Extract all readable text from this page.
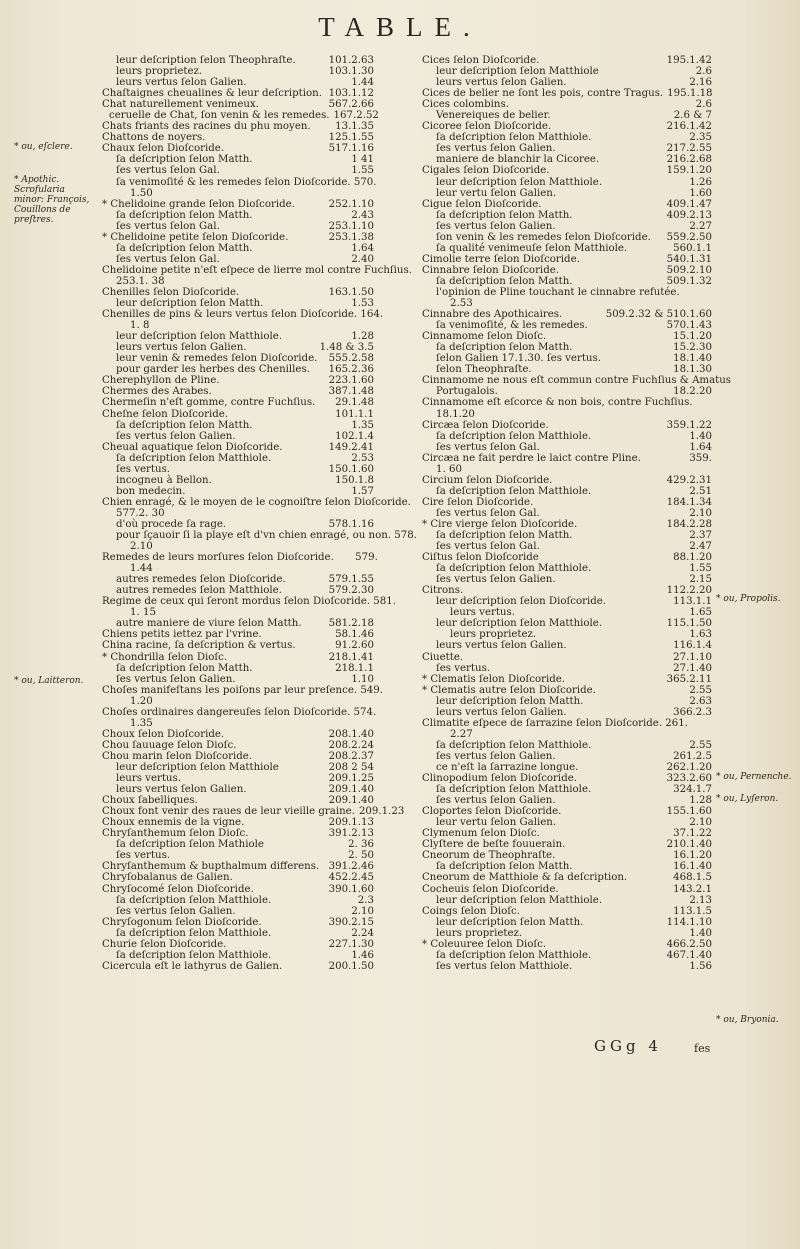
TABLE.
leur deſcription ſelon Theophraſte.	101.2.63
leurs proprietez.	103.1.30
leurs vertus ſelon Galien.	1.44
Chaſtaignes cheualines & leur deſcription. 103.1.12
Chat naturellement venimeux.	567.2.66
ceruelle de Chat, ſon venin & les remedes. 167.2.52
Chats friants des racines du phu moyen.	13.1.35
Chattons de noyers.	125.1.55
Chaux ſelon Dioſcoride.	517.1.16
ſa deſcription ſelon Matth.	1 41
ſes vertus ſelon Gal.	1.55
ſa venimoſité & les remedes ſelon Dioſcoride. 570.
1.50
* Chelidoine grande ſelon Dioſcoride.	252.1.10
ſa deſcription ſelon Matth.	2.43
ſes vertus ſelon Gal.	253.1.10
* Chelidoine petite ſelon Dioſcoride.	253.1.38
ſa deſcription ſelon Matth.	1.64
ſes vertus ſelon Gal.	2.40
Chelidoine petite n'eſt eſpece de lierre mol contre Fuchſius.
253.1. 38
Chenilles ſelon Dioſcoride.	163.1.50
leur deſcription ſelon Matth.	1.53
Chenilles de pins & leurs vertus ſelon Dioſcoride. 164.
1. 8
leur deſcription ſelon Matthiole.	1.28
leurs vertus ſelon Galien.	1.48 & 3.5
leur venin & remedes ſelon Dioſcoride.	555.2.58
pour garder les herbes des Chenilles.	165.2.36
Cherephyllon de Pline.	223.1.60
Chermes des Arabes.	387.1.48
Chermeſin n'eſt gomme, contre Fuchſius.	29.1.48
Cheſne ſelon Dioſcoride.	101.1.1
ſa deſcription ſelon Matth.	1.35
ſes vertus ſelon Galien.	102.1.4
Cheual aquatique ſelon Dioſcoride.	149.2.41
ſa deſcription ſelon Matthiole.	2.53
ſes vertus.	150.1.60
incogneu à Bellon.	150.1.8
bon medecin.	1.57
Chien enragé, & le moyen de le cognoiſtre ſelon Dioſcoride.
577.2. 30
d'où procede ſa rage.	578.1.16
pour ſçauoir ſi la playe eſt d'vn chien enragé, ou non. 578.
2.10
Remedes de leurs morſures ſelon Dioſcoride.	579.
1.44
autres remedes ſelon Dioſcoride.	579.1.55
autres remedes ſelon Matthiole.	579.2.30
Regime de ceux qui ſeront mordus ſelon Dioſcoride. 581.
1. 15
autre maniere de viure ſelon Matth.	581.2.18
Chiens petits iettez par l'vrine.	58.1.46
China racine, ſa deſcription & vertus.	91.2.60
* Chondrilla ſelon Dioſc.	218.1.41
ſa deſcription ſelon Matth.	218.1.1
ſes vertus ſelon Galien.	1.10
Choſes manifeſtans les poiſons par leur preſence. 549.
1.20
Choſes ordinaires dangereuſes ſelon Dioſcoride. 574.
1.35
Choux ſelon Dioſcoride.	208.1.40
Chou ſauuage ſelon Dioſc.	208.2.24
Chou marin ſelon Dioſcoride.	208.2.37
leur deſcription ſelon Matthiole	208 2 54
leurs vertus.	209.1.25
leurs vertus ſelon Galien.	209.1.40
Choux ſabelliques.	209.1.40
Choux font venir des raues de leur vieille graine. 209.1.23
Choux ennemis de la vigne.	209.1.13
Chryſanthemum ſelon Dioſc.	391.2.13
ſa deſcription ſelon Mathiole	2. 36
ſes vertus.	2. 50
Chryſanthemum & bupthalmum differens. 391.2.46
Chryſobalanus de Galien.	452.2.45
Chryſocomé ſelon Dioſcoride.	390.1.60
ſa deſcription ſelon Matthiole.	2.3
ſes vertus ſelon Galien.	2.10
Chryſogonum ſelon Dioſcoride.	390.2.15
ſa deſcription ſelon Matthiole.	2.24
Churie ſelon Dioſcoride.	227.1.30
ſa deſcription ſelon Matthiole.	1.46
Cicercula eſt le lathyrus de Galien.	200.1.50
Cices ſelon Dioſcoride.	195.1.42
leur deſcription ſelon Matthiole	2.6
leurs vertus ſelon Galien.	2.16
Cices de belier ne ſont les pois, contre Tragus. 195.1.18
Cices colombins.	2.6
Venereiques de belier.	2.6 & 7
Cicoree ſelon Dioſcoride.	216.1.42
ſa deſcription ſelon Matthiole.	2.35
ſes vertus ſelon Galien.	217.2.55
maniere de blanchir la Cicoree.	216.2.68
Cigales ſelon Dioſcoride.	159.1.20
leur deſcription ſelon Matthiole.	1.26
leur vertu ſelon Galien.	1.60
Cigue ſelon Dioſcoride.	409.1.47
ſa deſcription ſelon Matth.	409.2.13
ſes vertus ſelon Galien.	2.27
ſon venin & les remedes ſelon Dioſcoride.	559.2.50
ſa qualité venimeuſe ſelon Matthiole.	560.1.1
Cimolie terre ſelon Dioſcoride.	540.1.31
Cinnabre ſelon Dioſcoride.	509.2.10
ſa deſcription ſelon Matth.	509.1.32
l'opinion de Pline touchant le cinnabre refutée.
2.53
Cinnabre des Apothicaires.	509.2.32 & 510.1.60
ſa venimoſité, & les remedes.	570.1.43
Cinnamome ſelon Dioſc.	15.1.20
ſa deſcription ſelon Matth.	15.2.30
ſelon Galien 17.1.30. ſes vertus.	18.1.40
ſelon Theophraſte.	18.1.30
Cinnamome ne nous eſt commun contre Fuchſius & Amatus
Portugalois.	18.2.20
Cinnamome eſt eſcorce & non bois, contre Fuchſius.
18.1.20
Circæa ſelon Dioſcoride.	359.1.22
ſa deſcription ſelon Matthiole.	1.40
ſes vertus ſelon Gal.	1.64
Circæa ne fait perdre le laict contre Pline.	359.
1. 60
Circium ſelon Dioſcoride.	429.2.31
ſa deſcription ſelon Matthiole.	2.51
Cire ſelon Dioſcoride.	184.1.34
ſes vertus ſelon Gal.	2.10
* Cire vierge ſelon Dioſcoride.	184.2.28
ſa deſcription ſelon Matth.	2.37
ſes vertus ſelon Gal.	2.47
Ciſtus ſelon Dioſcoride	88.1.20
ſa deſcription ſelon Matthiole.	1.55
ſes vertus ſelon Galien.	2.15
Citrons.	112.2.20
leur deſcription ſelon Dioſcoride.	113.1.1
leurs vertus.	1.65
leur deſcription ſelon Matthiole.	115.1.50
leurs proprietez.	1.63
leurs vertus ſelon Galien.	116.1.4
Ciuette.	27.1.10
ſes vertus.	27.1.40
* Clematis ſelon Dioſcoride.	365.2.11
* Clematis autre ſelon Dioſcoride.	2.55
leur deſcription ſelon Matth.	2.63
leurs vertus ſelon Galien.	366.2.3
Climatite eſpece de ſarrazine ſelon Dioſcoride. 261.
2.27
ſa deſcription ſelon Matthiole.	2.55
ſes vertus ſelon Galien.	261.2.5
ce n'eſt la ſarrazine longue.	262.1.20
Clinopodium ſelon Dioſcoride.	323.2.60
ſa deſcription ſelon Matthiole.	324.1.7
ſes vertus ſelon Galien.	1.28
Cloportes ſelon Dioſcoride.	155.1.60
leur vertu ſelon Galien.	2.10
Clymenum ſelon Dioſc.	37.1.22
Clyſtere de beſte fouuerain.	210.1.40
Cneorum de Theophraſte.	16.1.20
ſa deſcription ſelon Matth.	16.1.40
Cneorum de Matthiole & ſa deſcription.	468.1.5
Cocheuis ſelon Dioſcoride.	143.2.1
leur deſcription ſelon Matthiole.	2.13
Coings ſelon Dioſc.	113.1.5
leur deſcription ſelon Matth.	114.1.10
leurs proprietez.	1.40
* Coleuuree ſelon Dioſc.	466.2.50
ſa deſcription ſelon Matthiole.	467.1.40
ſes vertus ſelon Matthiole.	1.56
* ou, eſclere.
* Apothic. Scrofularia minor: François, Couillons de preſtres.
* ou, Laitteron.
* ou, Propolis.
* ou, Pernenche.
* ou, Lyſeron.
* ou, Bryonia.
GGg 4	fes
